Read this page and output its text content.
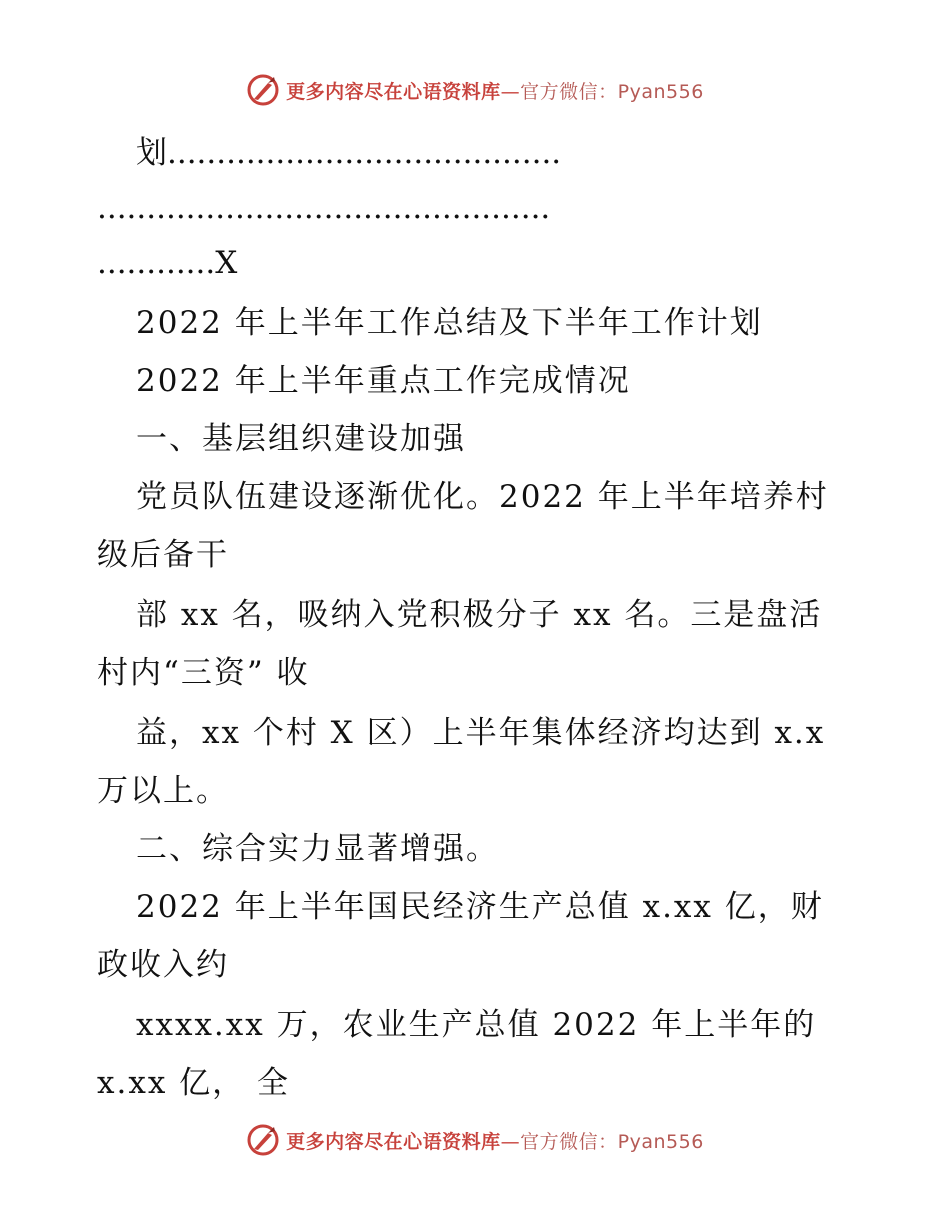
更多内容尽在心语资料库—官方微信：Pyan556
划........................................
..............................................
............X
2022 年上半年工作总结及下半年工作计划
2022 年上半年重点工作完成情况
一、基层组织建设加强
党员队伍建设逐渐优化。2022 年上半年培养村
级后备干
部 xx 名，吸纳入党积极分子 xx 名。三是盘活
村内“三资” 收
益，xx 个村 X 区）上半年集体经济均达到 x.x
万以上。
二、综合实力显著增强。
2022 年上半年国民经济生产总值 x.xx 亿，财
政收入约
xxxx.xx 万，农业生产总值 2022 年上半年的
x.xx 亿， 全
更多内容尽在心语资料库—官方微信：Pyan556
